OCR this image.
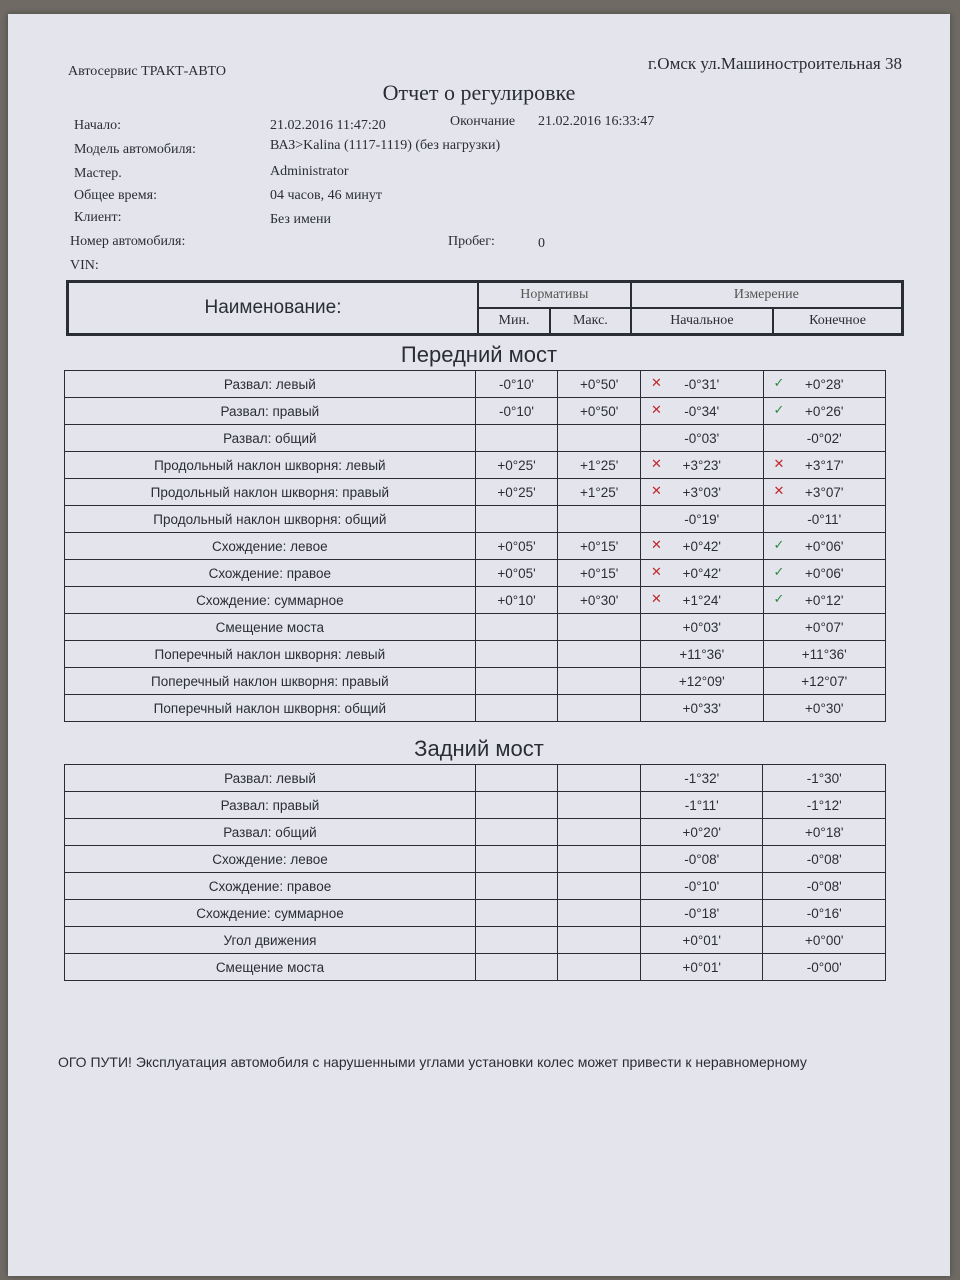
Автосервис ТРАКТ-АВТО	г.Омск ул.Машиностроительная 38
Отчет о регулировке
Начало:	21.02.2016 11:47:20	Окончание 21.02.2016 16:33:47
Модель автомобиля:	ВАЗ>Kalina (1117-1119) (без нагрузки)
Мастер.	Administrator
Общее время:	04 часов, 46 минут
Клиент:	Без имени
Номер автомобиля:	Пробег:	0
VIN:
Наименование:	Нормативы		Измерение	
	Мин.	Макс.	Начальное	Конечное
Передний мост
Развал: левый	-0°10'	+0°50'	✕ -0°31'	✓ +0°28'
Развал: правый	-0°10'	+0°50'	✕ -0°34'	✓ +0°26'
Развал: общий			-0°03'	-0°02'
Продольный наклон шкворня: левый	+0°25'	+1°25'	✕ +3°23'	✕ +3°17'
Продольный наклон шкворня: правый	+0°25'	+1°25'	✕ +3°03'	✕ +3°07'
Продольный наклон шкворня: общий			-0°19'	-0°11'
Схождение: левое	+0°05'	+0°15'	✕ +0°42'	✓ +0°06'
Схождение: правое	+0°05'	+0°15'	✕ +0°42'	✓ +0°06'
Схождение: суммарное	+0°10'	+0°30'	✕ +1°24'	✓ +0°12'
Смещение моста			+0°03'	+0°07'
Поперечный наклон шкворня: левый			+11°36'	+11°36'
Поперечный наклон шкворня: правый			+12°09'	+12°07'
Поперечный наклон шкворня: общий			+0°33'	+0°30'
Задний мост
Развал: левый			-1°32'	-1°30'
Развал: правый			-1°11'	-1°12'
Развал: общий			+0°20'	+0°18'
Схождение: левое			-0°08'	-0°08'
Схождение: правое			-0°10'	-0°08'
Схождение: суммарное			-0°18'	-0°16'
Угол движения			+0°01'	+0°00'
Смещение моста			+0°01'	-0°00'
ОГО ПУТИ! Эксплуатация автомобиля с нарушенными углами установки колес может привести к неравномерному
